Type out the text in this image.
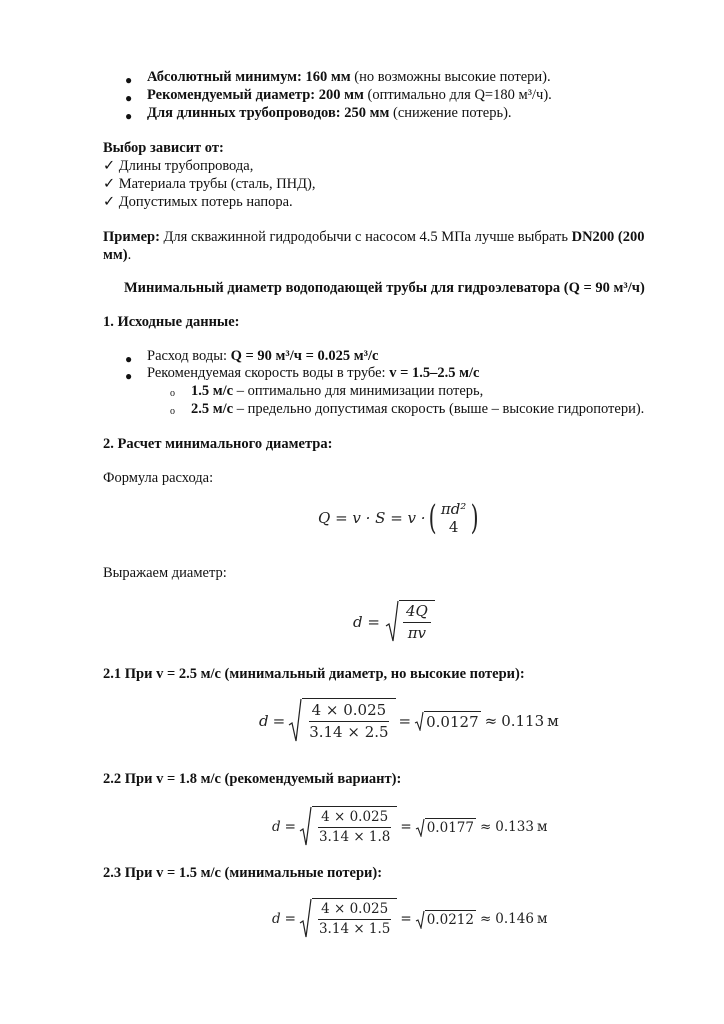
● Абсолютный минимум: 160 мм (но возможны высокие потери).
● Рекомендуемый диаметр: 200 мм (оптимально для Q=180 м³/ч).
● Для длинных трубопроводов: 250 мм (снижение потерь).
Выбор зависит от:
✓ Длины трубопровода,
✓ Материала трубы (сталь, ПНД),
✓ Допустимых потерь напора.
Пример: Для скважинной гидродобычи с насосом 4.5 МПа лучше выбрать DN200 (200
мм).
Минимальный диаметр водоподающей трубы для гидроэлеватора (Q = 90 м³/ч)
1. Исходные данные:
● Расход воды: Q = 90 м³/ч = 0.025 м³/с
● Рекомендуемая скорость воды в трубе: v = 1.5–2.5 м/с
o 1.5 м/с – оптимально для минимизации потерь,
o 2.5 м/с – предельно допустимая скорость (выше – высокие гидропотери).
2. Расчет минимального диаметра:
Формула расхода:
Q = v · S = v · ( πd²
4 )
Выражаем диаметр:
$d = \frac{4Q}{\pi v}$
2.1 При v = 2.5 м/с (минимальный диаметр, но высокие потери):
$d = \frac{4 \times 0.025}{3.14 \times 2.5} = 0.0127 \approx 0.113$ м
2.2 При v = 1.8 м/с (рекомендуемый вариант):
$d = \frac{4 \times 0.025}{3.14 \times 1.8} = 0.0177 \approx 0.133$ м
2.3 При v = 1.5 м/с (минимальные потери):
$d = \frac{4 \times 0.025}{3.14 \times 1.5} = 0.0212 \approx 0.146$ м
